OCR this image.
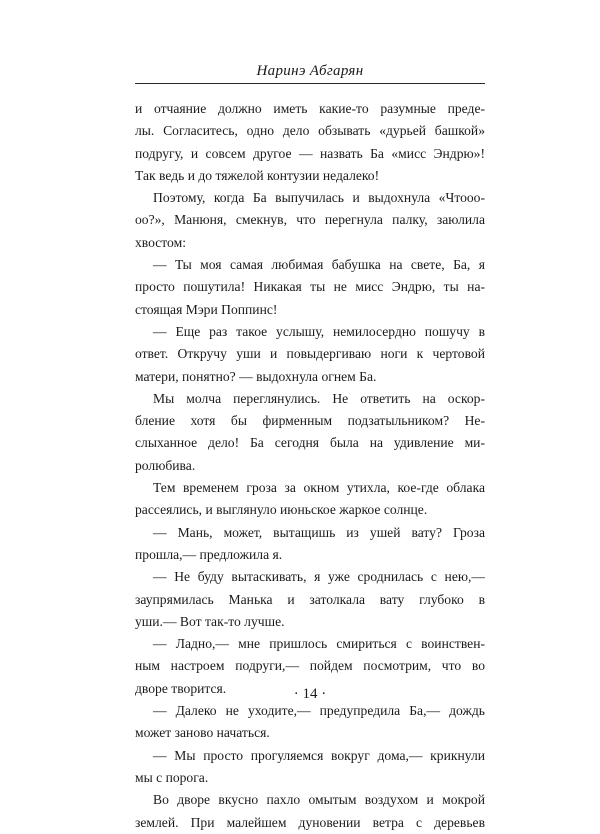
Наринэ Абгарян

и отчаяние должно иметь какие-то разумные преде-

лы. Согласитесь, одно дело обзывать «дурьей башкой»

подругу, и совсем другое — назвать Ба «мисс Эндрю»!

Так ведь и до тяжелой контузии недалеко!

Поэтому, когда Ба выпучилась и выдохнула «Чтооо-

оо?», Манюня, смекнув, что перегнула палку, заюлила

хвостом:

— Ты моя самая любимая бабушка на свете, Ба, я

просто пошутила! Никакая ты не мисс Эндрю, ты на-

стоящая Мэри Поппинс!

— Еще раз такое услышу, немилосердно пошучу в

ответ. Откручу уши и повыдергиваю ноги к чертовой

матери, понятно? — выдохнула огнем Ба.

Мы молча переглянулись. Не ответить на оскор-

бление хотя бы фирменным подзатыльником? Не-

слыханное дело! Ба сегодня была на удивление ми-

ролюбива.

Тем временем гроза за окном утихла, кое-где облака

рассеялись, и выглянуло июньское жаркое солнце.

— Мань, может, вытащишь из ушей вату? Гроза

прошла,— предложила я.

— Не буду вытаскивать, я уже сроднилась с нею,—

заупрямилась Манька и затолкала вату глубоко в

уши.— Вот так-то лучше.

— Ладно,— мне пришлось смириться с воинствен-

ным настроем подруги,— пойдем посмотрим, что во

дворе творится.

— Далеко не уходите,— предупредила Ба,— дождь

может заново начаться.

— Мы просто прогуляемся вокруг дома,— крикнули

мы с порога.

Во дворе вкусно пахло омытым воздухом и мокрой

землей. При малейшем дуновении ветра с деревьев

· 14 ·
